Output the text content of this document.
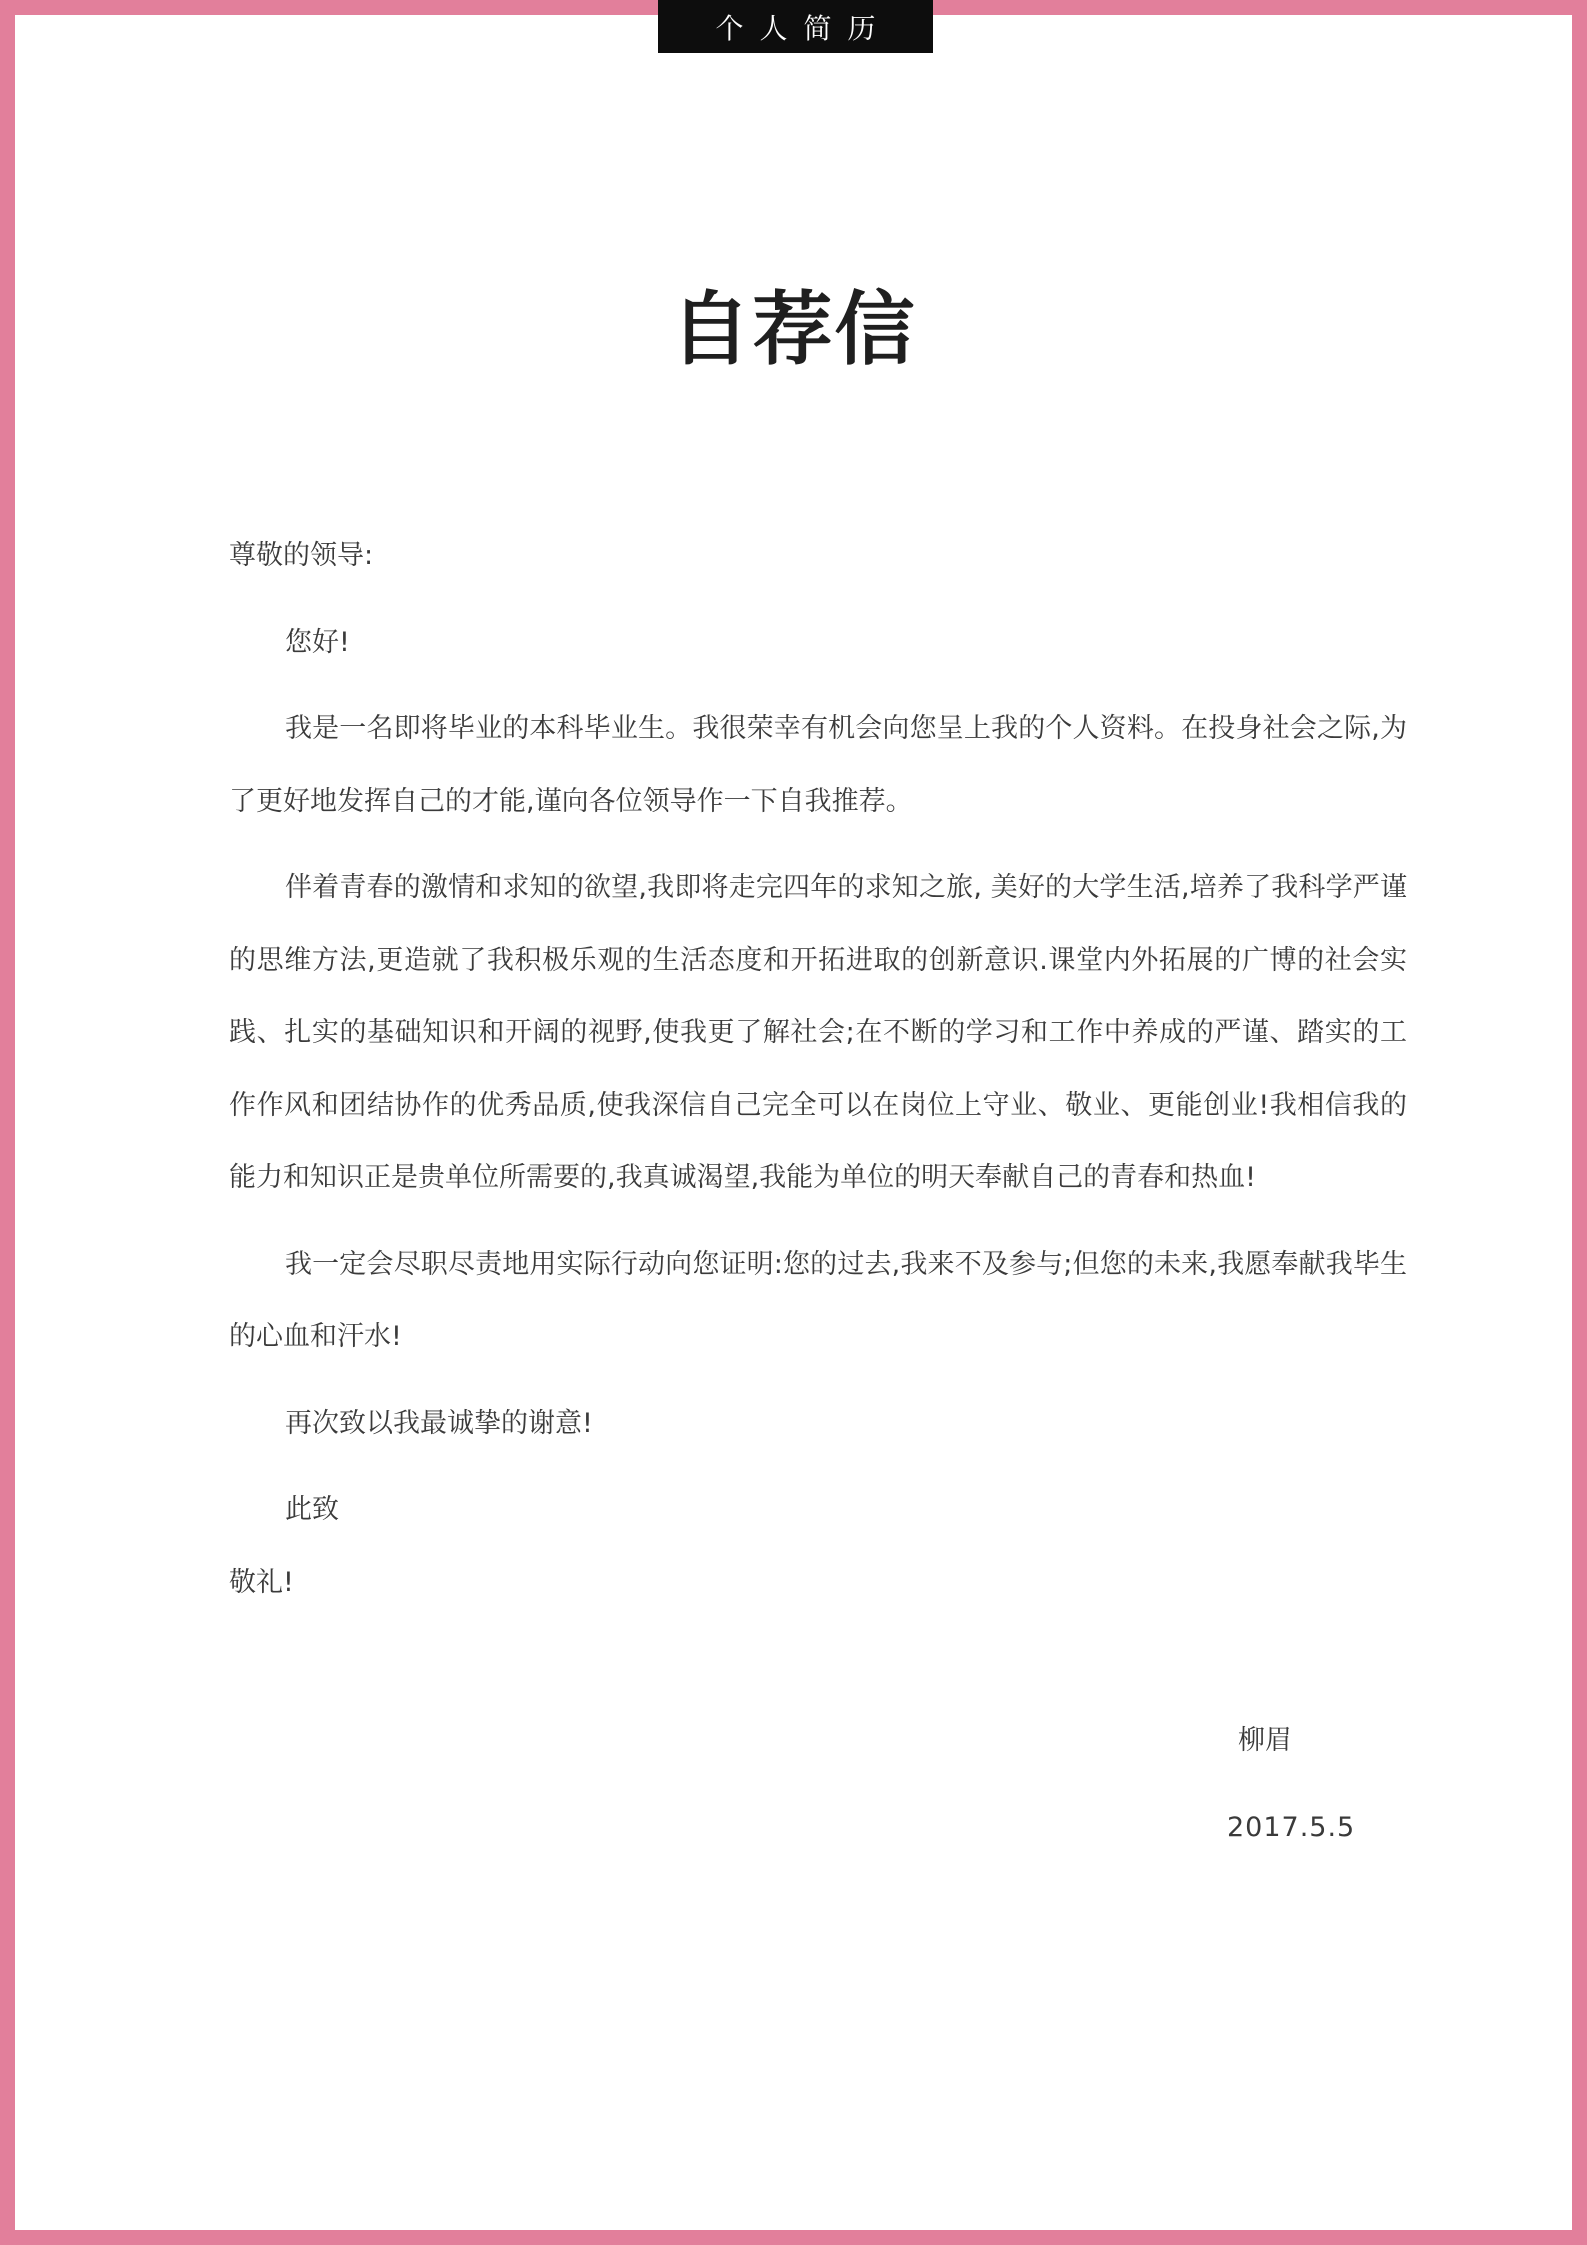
个人简历
自荐信

尊敬的领导:

您好!

我是一名即将毕业的本科毕业生。我很荣幸有机会向您呈上我的个人资料。在投身社会之际,为了更好地发挥自己的才能,谨向各位领导作一下自我推荐。

伴着青春的激情和求知的欲望,我即将走完四年的求知之旅, 美好的大学生活,培养了我科学严谨的思维方法,更造就了我积极乐观的生活态度和开拓进取的创新意识.课堂内外拓展的广博的社会实践、扎实的基础知识和开阔的视野,使我更了解社会;在不断的学习和工作中养成的严谨、踏实的工作作风和团结协作的优秀品质,使我深信自己完全可以在岗位上守业、敬业、更能创业!我相信我的能力和知识正是贵单位所需要的,我真诚渴望,我能为单位的明天奉献自己的青春和热血!

我一定会尽职尽责地用实际行动向您证明:您的过去,我来不及参与;但您的未来,我愿奉献我毕生的心血和汗水!

再次致以我最诚挚的谢意!

此致

敬礼!

柳眉
2017.5.5
